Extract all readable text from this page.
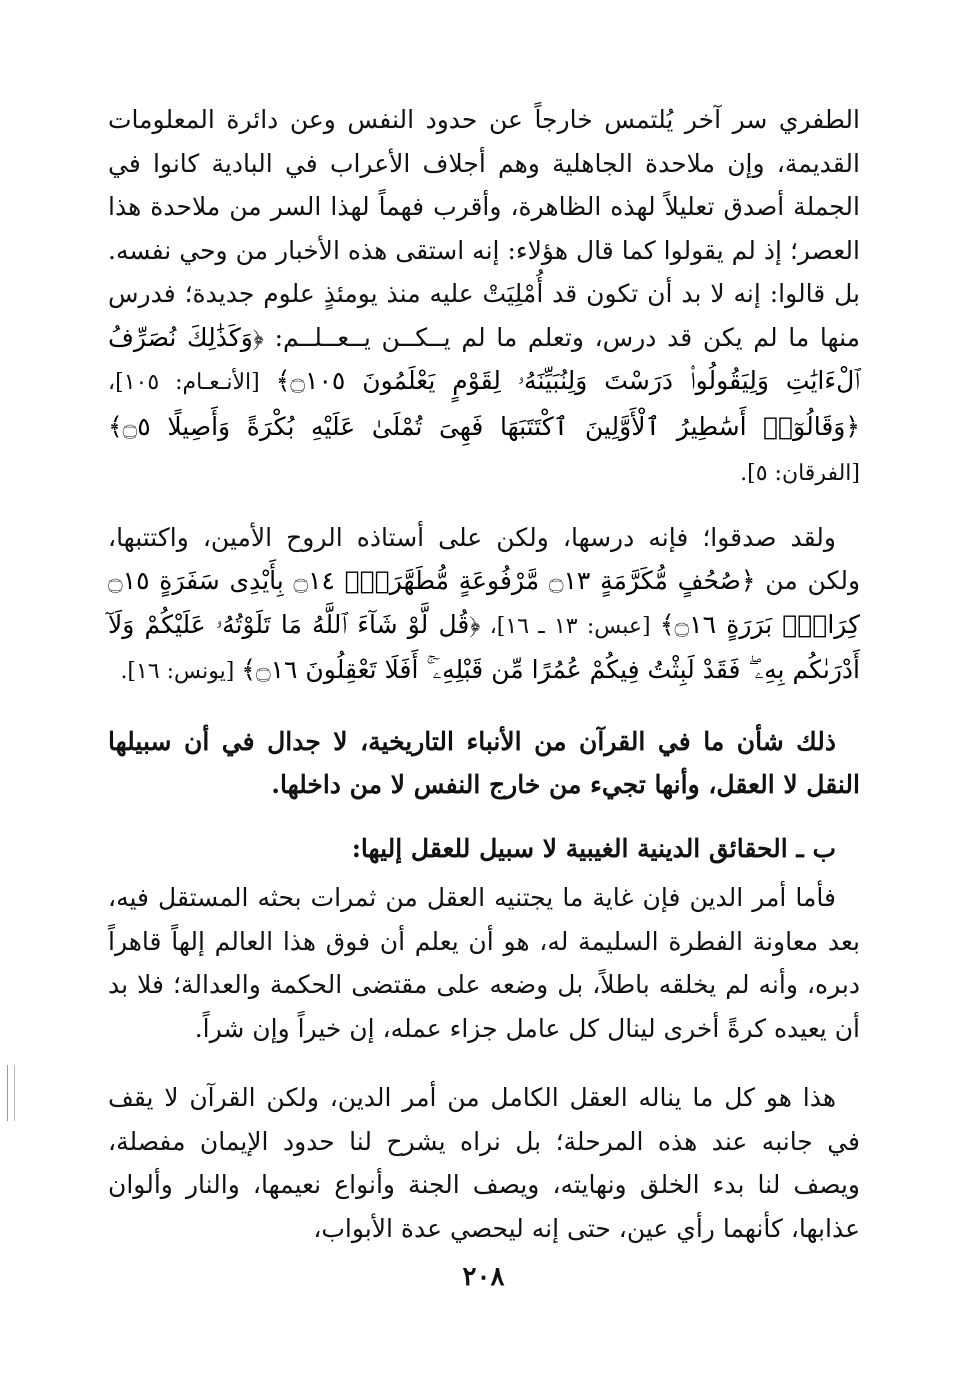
الطفري سر آخر يُلتمس خارجاً عن حدود النفس وعن دائرة المعلومات القديمة، وإن ملاحدة الجاهلية وهم أجلاف الأعراب في البادية كانوا في الجملة أصدق تعليلاً لهذه الظاهرة، وأقرب فهماً لهذا السر من ملاحدة هذا العصر؛ إذ لم يقولوا كما قال هؤلاء: إنه استقى هذه الأخبار من وحي نفسه. بل قالوا: إنه لا بد أن تكون قد أُمْلِيَتْ عليه منذ يومئذٍ علوم جديدة؛ فدرس منها ما لم يكن قد درس، وتعلم ما لم يــكــن يــعــلــم: ﴿وَكَذَٰلِكَ نُصَرِّفُ ٱلْءَايَٰتِ وَلِيَقُولُوا۟ دَرَسْتَ وَلِنُبَيِّنَهُۥ لِقَوْمٍ يَعْلَمُونَ ۝١٠٥﴾ [الأنـعـام: ١٠٥]، ﴿وَقَالُوٓا۟ أَسَٰطِيرُ ٱلْأَوَّلِينَ ٱكْتَتَبَهَا فَهِىَ تُمْلَىٰ عَلَيْهِ بُكْرَةً وَأَصِيلًا ۝٥﴾ [الفرقان: ٥].

ولقد صدقوا؛ فإنه درسها، ولكن على أستاذه الروح الأمين، واكتتبها، ولكن من ﴿صُحُفٍ مُّكَرَّمَةٍ ۝١٣ مَّرْفُوعَةٍ مُّطَهَّرَةٍۭ ۝١٤ بِأَيْدِى سَفَرَةٍ ۝١٥ كِرَامٍۭ بَرَرَةٍ ۝١٦﴾ [عبس: ١٣ ـ ١٦]، ﴿قُل لَّوْ شَآءَ ٱللَّهُ مَا تَلَوْتُهُۥ عَلَيْكُمْ وَلَآ أَدْرَىٰكُم بِهِۦ ۖ فَقَدْ لَبِثْتُ فِيكُمْ عُمُرًا مِّن قَبْلِهِۦٓ ۚ أَفَلَا تَعْقِلُونَ ۝١٦﴾ [يونس: ١٦].

ذلك شأن ما في القرآن من الأنباء التاريخية، لا جدال في أن سبيلها النقل لا العقل، وأنها تجيء من خارج النفس لا من داخلها.

ب ـ الحقائق الدينية الغيبية لا سبيل للعقل إليها:

فأما أمر الدين فإن غاية ما يجتنيه العقل من ثمرات بحثه المستقل فيه، بعد معاونة الفطرة السليمة له، هو أن يعلم أن فوق هذا العالم إلهاً قاهراً دبره، وأنه لم يخلقه باطلاً، بل وضعه على مقتضى الحكمة والعدالة؛ فلا بد أن يعيده كرةً أخرى لينال كل عامل جزاء عمله، إن خيراً وإن شراً.

هذا هو كل ما يناله العقل الكامل من أمر الدين، ولكن القرآن لا يقف في جانبه عند هذه المرحلة؛ بل نراه يشرح لنا حدود الإيمان مفصلة، ويصف لنا بدء الخلق ونهايته، ويصف الجنة وأنواع نعيمها، والنار وألوان عذابها، كأنهما رأي عين، حتى إنه ليحصي عدة الأبواب،

٢٠٨
